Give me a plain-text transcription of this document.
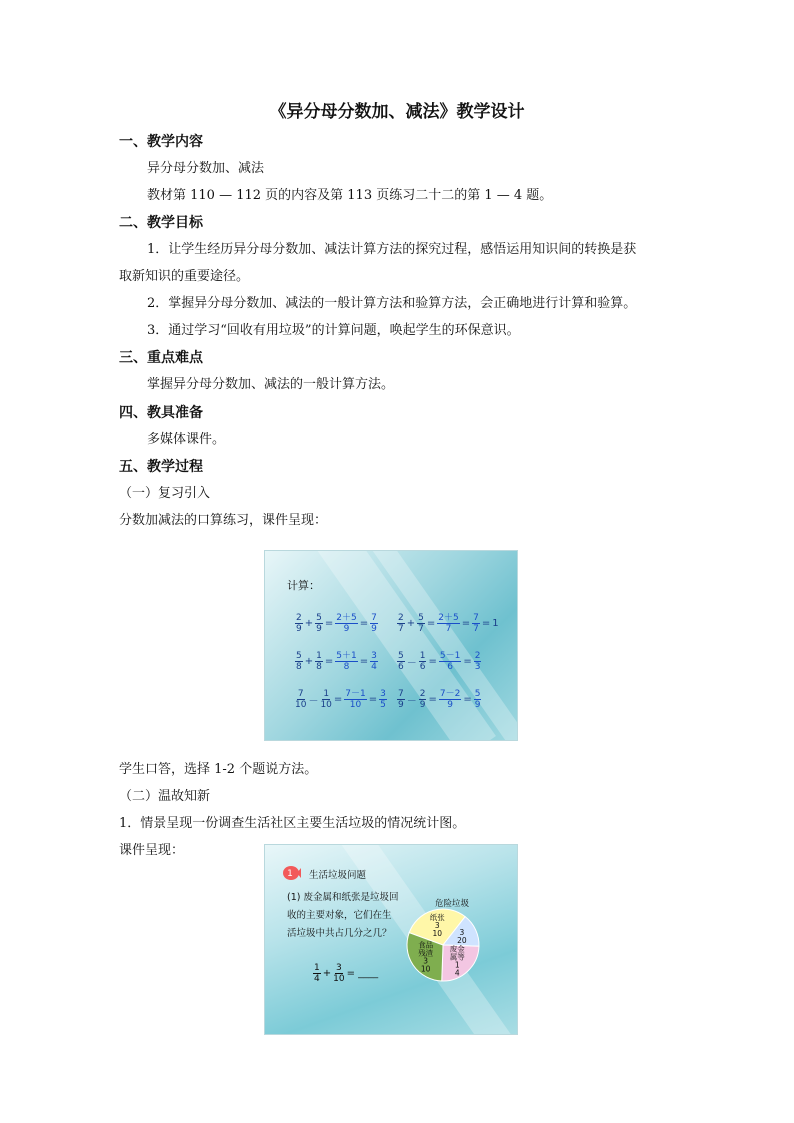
《异分母分数加、减法》教学设计
一、教学内容
异分母分数加、减法
教材第 110 — 112 页的内容及第 113 页练习二十二的第 1 — 4 题。
二、教学目标
1．让学生经历异分母分数加、减法计算方法的探究过程，感悟运用知识间的转换是获
取新知识的重要途径。
2．掌握异分母分数加、减法的一般计算方法和验算方法，会正确地进行计算和验算。
3．通过学习“回收有用垃圾”的计算问题，唤起学生的环保意识。
三、重点难点
掌握异分母分数加、减法的一般计算方法。
四、教具准备
多媒体课件。
五、教学过程
（一）复习引入
分数加减法的口算练习，课件呈现：
计算：
$\frac{2}{9} + \frac{5}{9} = \frac{2+5}{9} = \frac{7}{9} \frac{2}{7} + \frac{5}{7} = \frac{2+5}{7} = \frac{7}{7} = 1$
$\frac{5}{8} + \frac{1}{8} = \frac{5+1}{8} = \frac{3}{4} \frac{5}{6} - \frac{1}{6} = \frac{5-1}{6} = \frac{2}{3}$
$\frac{7}{10} - \frac{1}{10} = \frac{7-1}{10} = \frac{3}{5} \frac{7}{9} - \frac{2}{9} = \frac{7-2}{9} = \frac{5}{9}$
学生口答，选择 1-2 个题说方法。
（二）温故知新
1．情景呈现一份调查生活社区主要生活垃圾的情况统计图。
课件呈现：
1 生活垃圾问题
(1) 废金属和纸张是垃圾回
收的主要对象，它们在生
活垃圾中共占几分之几？
$\frac{1}{4} + \frac{3}{10}$ = ____
纸张
3
10 3
20
废金
属等
1
4
食品
残渣
3
10
危险垃圾
